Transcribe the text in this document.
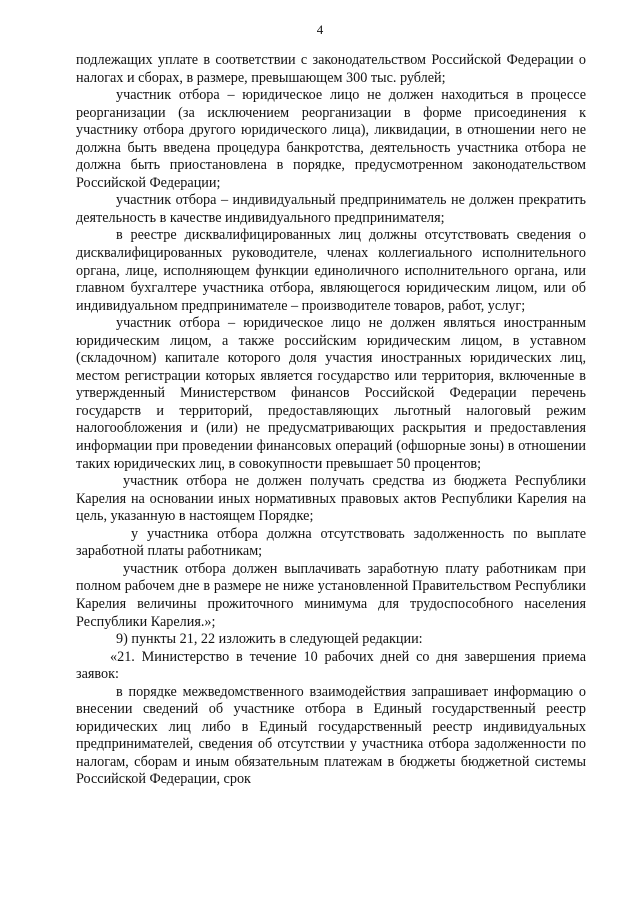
4

подлежащих уплате в соответствии с законодательством Российской Федерации о налогах и сборах, в размере, превышающем 300 тыс. рублей;

участник отбора – юридическое лицо не должен находиться в процессе реорганизации (за исключением реорганизации в форме присоединения к участнику отбора другого юридического лица), ликвидации, в отношении него не должна быть введена процедура банкротства, деятельность участника отбора не должна быть приостановлена в порядке, предусмотренном законодательством Российской Федерации;

участник отбора – индивидуальный предприниматель не должен прекратить деятельность в качестве индивидуального предпринимателя;

в реестре дисквалифицированных лиц должны отсутствовать сведения о дисквалифицированных руководителе, членах коллегиального исполнительного органа, лице, исполняющем функции единоличного исполнительного органа, или главном бухгалтере участника отбора, являющегося юридическим лицом, или об индивидуальном предпринимателе – производителе товаров, работ, услуг;

участник отбора – юридическое лицо не должен являться иностранным юридическим лицом, а также российским юридическим лицом, в уставном (складочном) капитале которого доля участия иностранных юридических лиц, местом регистрации которых является государство или территория, включенные в утвержденный Министерством финансов Российской Федерации перечень государств и территорий, предоставляющих льготный налоговый режим налогообложения и (или) не предусматривающих раскрытия и предоставления информации при проведении финансовых операций (офшорные зоны) в отношении таких юридических лиц, в совокупности превышает 50 процентов;

участник отбора не должен получать средства из бюджета Республики Карелия на основании иных нормативных правовых актов Республики Карелия на цель, указанную в настоящем Порядке;

у участника отбора должна отсутствовать задолженность по выплате заработной платы работникам;

участник отбора должен выплачивать заработную плату работникам при полном рабочем дне в размере не ниже установленной Правительством Республики Карелия величины прожиточного минимума для трудоспособного населения Республики Карелия.»;

9) пункты 21, 22 изложить в следующей редакции:

«21. Министерство в течение 10 рабочих дней со дня завершения приема заявок:

в порядке межведомственного взаимодействия запрашивает информацию о внесении сведений об участнике отбора в Единый государственный реестр юридических лиц либо в Единый государственный реестр индивидуальных предпринимателей, сведения об отсутствии у участника отбора задолженности по налогам, сборам и иным обязательным платежам в бюджеты бюджетной системы Российской Федерации, срок
